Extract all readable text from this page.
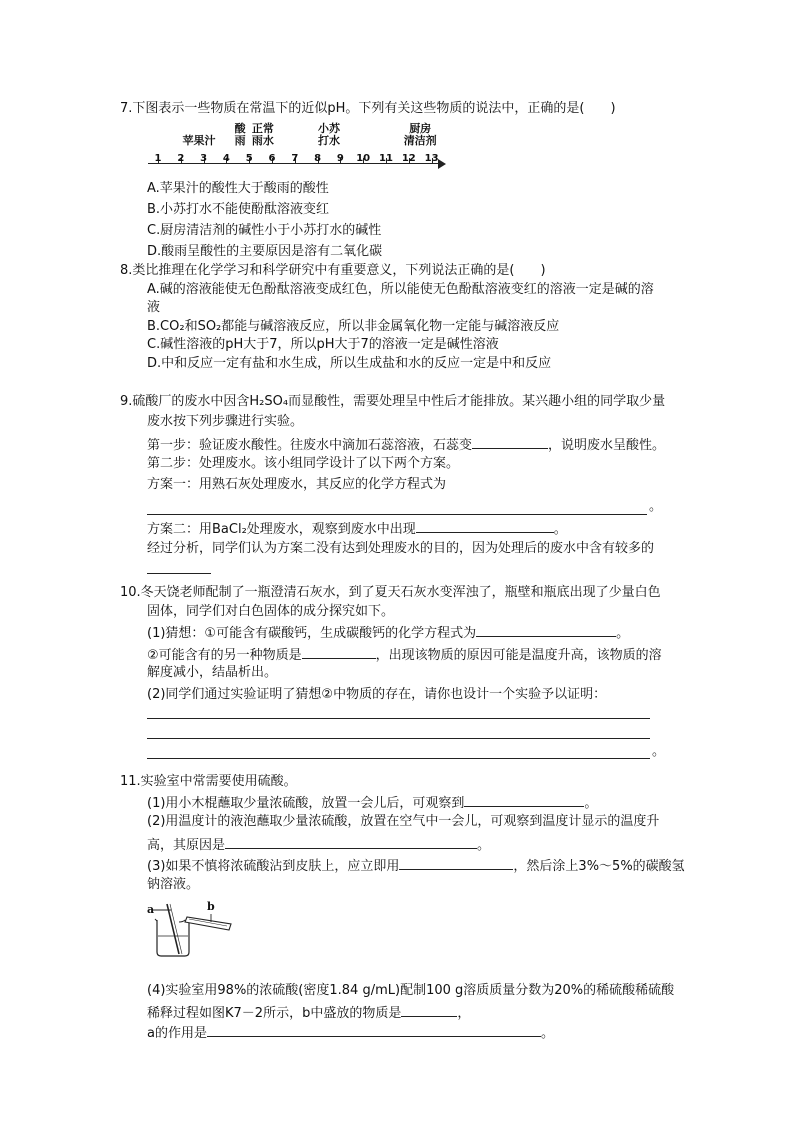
7.下图表示一些物质在常温下的近似pH。下列有关这些物质的说法中，正确的是(　　)
1	2	3	4	5	6	7	8	9	10 11 12 13
苹果汁
酸
雨
正常
雨水
小苏
打水
厨房
清洁剂
A.苹果汁的酸性大于酸雨的酸性
B.小苏打水不能使酚酞溶液变红
C.厨房清洁剂的碱性小于小苏打水的碱性
D.酸雨呈酸性的主要原因是溶有二氧化碳
8.类比推理在化学学习和科学研究中有重要意义，下列说法正确的是(　　)
A.碱的溶液能使无色酚酞溶液变成红色，所以能使无色酚酞溶液变红的溶液一定是碱的溶
液
B.CO₂和SO₂都能与碱溶液反应，所以非金属氧化物一定能与碱溶液反应
C.碱性溶液的pH大于7，所以pH大于7的溶液一定是碱性溶液
D.中和反应一定有盐和水生成，所以生成盐和水的反应一定是中和反应
9.硫酸厂的废水中因含H₂SO₄而显酸性，需要处理呈中性后才能排放。某兴趣小组的同学取少量
废水按下列步骤进行实验。
第一步：验证废水酸性。往废水中滴加石蕊溶液，石蕊变	，说明废水呈酸性。
第二步：处理废水。该小组同学设计了以下两个方案。
方案一：用熟石灰处理废水，其反应的化学方程式为
。
方案二：用BaCl₂处理废水，观察到废水中出现	。
经过分析，同学们认为方案二没有达到处理废水的目的，因为处理后的废水中含有较多的
10.冬天饶老师配制了一瓶澄清石灰水，到了夏天石灰水变浑浊了，瓶壁和瓶底出现了少量白色
固体，同学们对白色固体的成分探究如下。
(1)猜想：①可能含有碳酸钙，生成碳酸钙的化学方程式为	。
②可能含有的另一种物质是	，出现该物质的原因可能是温度升高，该物质的溶
解度减小，结晶析出。
(2)同学们通过实验证明了猜想②中物质的存在，请你也设计一个实验予以证明：
。
11.实验室中常需要使用硫酸。
(1)用小木棍蘸取少量浓硫酸，放置一会儿后，可观察到	。
(2)用温度计的液泡蘸取少量浓硫酸，放置在空气中一会儿，可观察到温度计显示的温度升
高，其原因是	。
(3)如果不慎将浓硫酸沾到皮肤上，应立即用	，然后涂上3%～5%的碳酸氢
钠溶液。
a	b
(4)实验室用98%的浓硫酸(密度1.84 g/mL)配制100 g溶质质量分数为20%的稀硫酸稀硫酸
稀释过程如图K7－2所示，b中盛放的物质是	，
a的作用是	。
